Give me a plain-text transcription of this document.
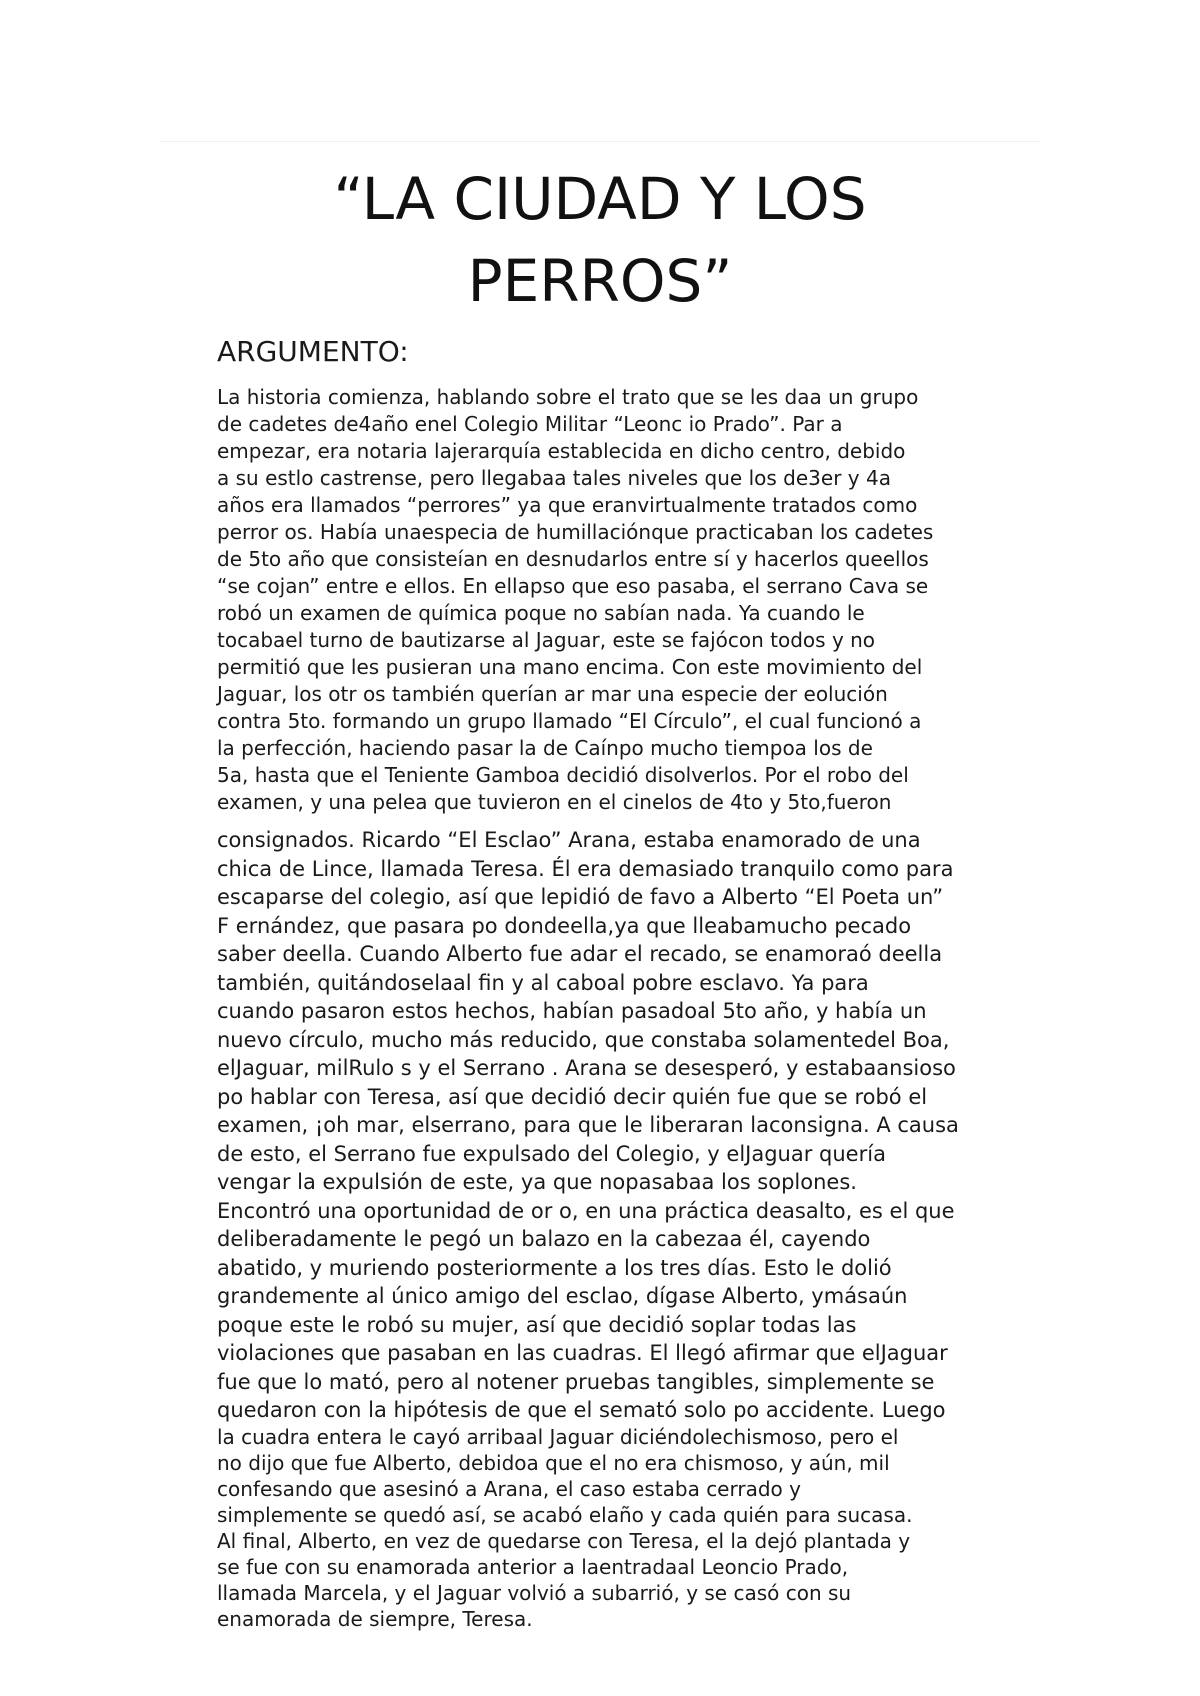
“LA CIUDAD Y LOS
PERROS”
ARGUMENTO:

La historia comienza, hablando sobre el trato que se les daa un grupo
de cadetes de4año enel Colegio Militar “Leonc io Prado”. Par a
empezar, era notaria lajerarquía establecida en dicho centro, debido
a su estlo castrense, pero llegabaa tales niveles que los de3er y 4a
años era llamados “perrores” ya que eranvirtualmente tratados como
perror os. Había unaespecia de humillaciónque practicaban los cadetes
de 5to año que consisteían en desnudarlos entre sí y hacerlos queellos
“se cojan” entre e ellos. En ellapso que eso pasaba, el serrano Cava se
robó un examen de química poque no sabían nada. Ya cuando le
tocabael turno de bautizarse al Jaguar, este se fajócon todos y no
permitió que les pusieran una mano encima. Con este movimiento del
Jaguar, los otr os también querían ar mar una especie der eolución
contra 5to. formando un grupo llamado “El Círculo”, el cual funcionó a
la perfección, haciendo pasar la de Caínpo mucho tiempoa los de
5a, hasta que el Teniente Gamboa decidió disolverlos. Por el robo del
examen, y una pelea que tuvieron en el cinelos de 4to y 5to,fueron

consignados. Ricardo “El Esclao” Arana, estaba enamorado de una
chica de Lince, llamada Teresa. Él era demasiado tranquilo como para
escaparse del colegio, así que lepidió de favo a Alberto “El Poeta un”
F ernández, que pasara po dondeella,ya que lleabamucho pecado
saber deella. Cuando Alberto fue adar el recado, se enamoraó deella
también, quitándoselaal fin y al caboal pobre esclavo. Ya para
cuando pasaron estos hechos, habían pasadoal 5to año, y había un
nuevo círculo, mucho más reducido, que constaba solamentedel Boa,
elJaguar, milRulo s y el Serrano . Arana se desesperó, y estabaansioso
po hablar con Teresa, así que decidió decir quién fue que se robó el
examen, ¡oh mar, elserrano, para que le liberaran laconsigna. A causa
de esto, el Serrano fue expulsado del Colegio, y elJaguar quería
vengar la expulsión de este, ya que nopasabaa los soplones.
Encontró una oportunidad de or o, en una práctica deasalto, es el que
deliberadamente le pegó un balazo en la cabezaa él, cayendo
abatido, y muriendo posteriormente a los tres días. Esto le dolió
grandemente al único amigo del esclao, dígase Alberto, ymásaún
poque este le robó su mujer, así que decidió soplar todas las
violaciones que pasaban en las cuadras. El llegó afirmar que elJaguar
fue que lo mató, pero al notener pruebas tangibles, simplemente se
quedaron con la hipótesis de que el semató solo po accidente. Luego

la cuadra entera le cayó arribaal Jaguar diciéndolechismoso, pero el
no dijo que fue Alberto, debidoa que el no era chismoso, y aún, mil
confesando que asesinó a Arana, el caso estaba cerrado y
simplemente se quedó así, se acabó elaño y cada quién para sucasa.
Al final, Alberto, en vez de quedarse con Teresa, el la dejó plantada y
se fue con su enamorada anterior a laentradaal Leoncio Prado,
llamada Marcela, y el Jaguar volvió a subarrió, y se casó con su
enamorada de siempre, Teresa.
